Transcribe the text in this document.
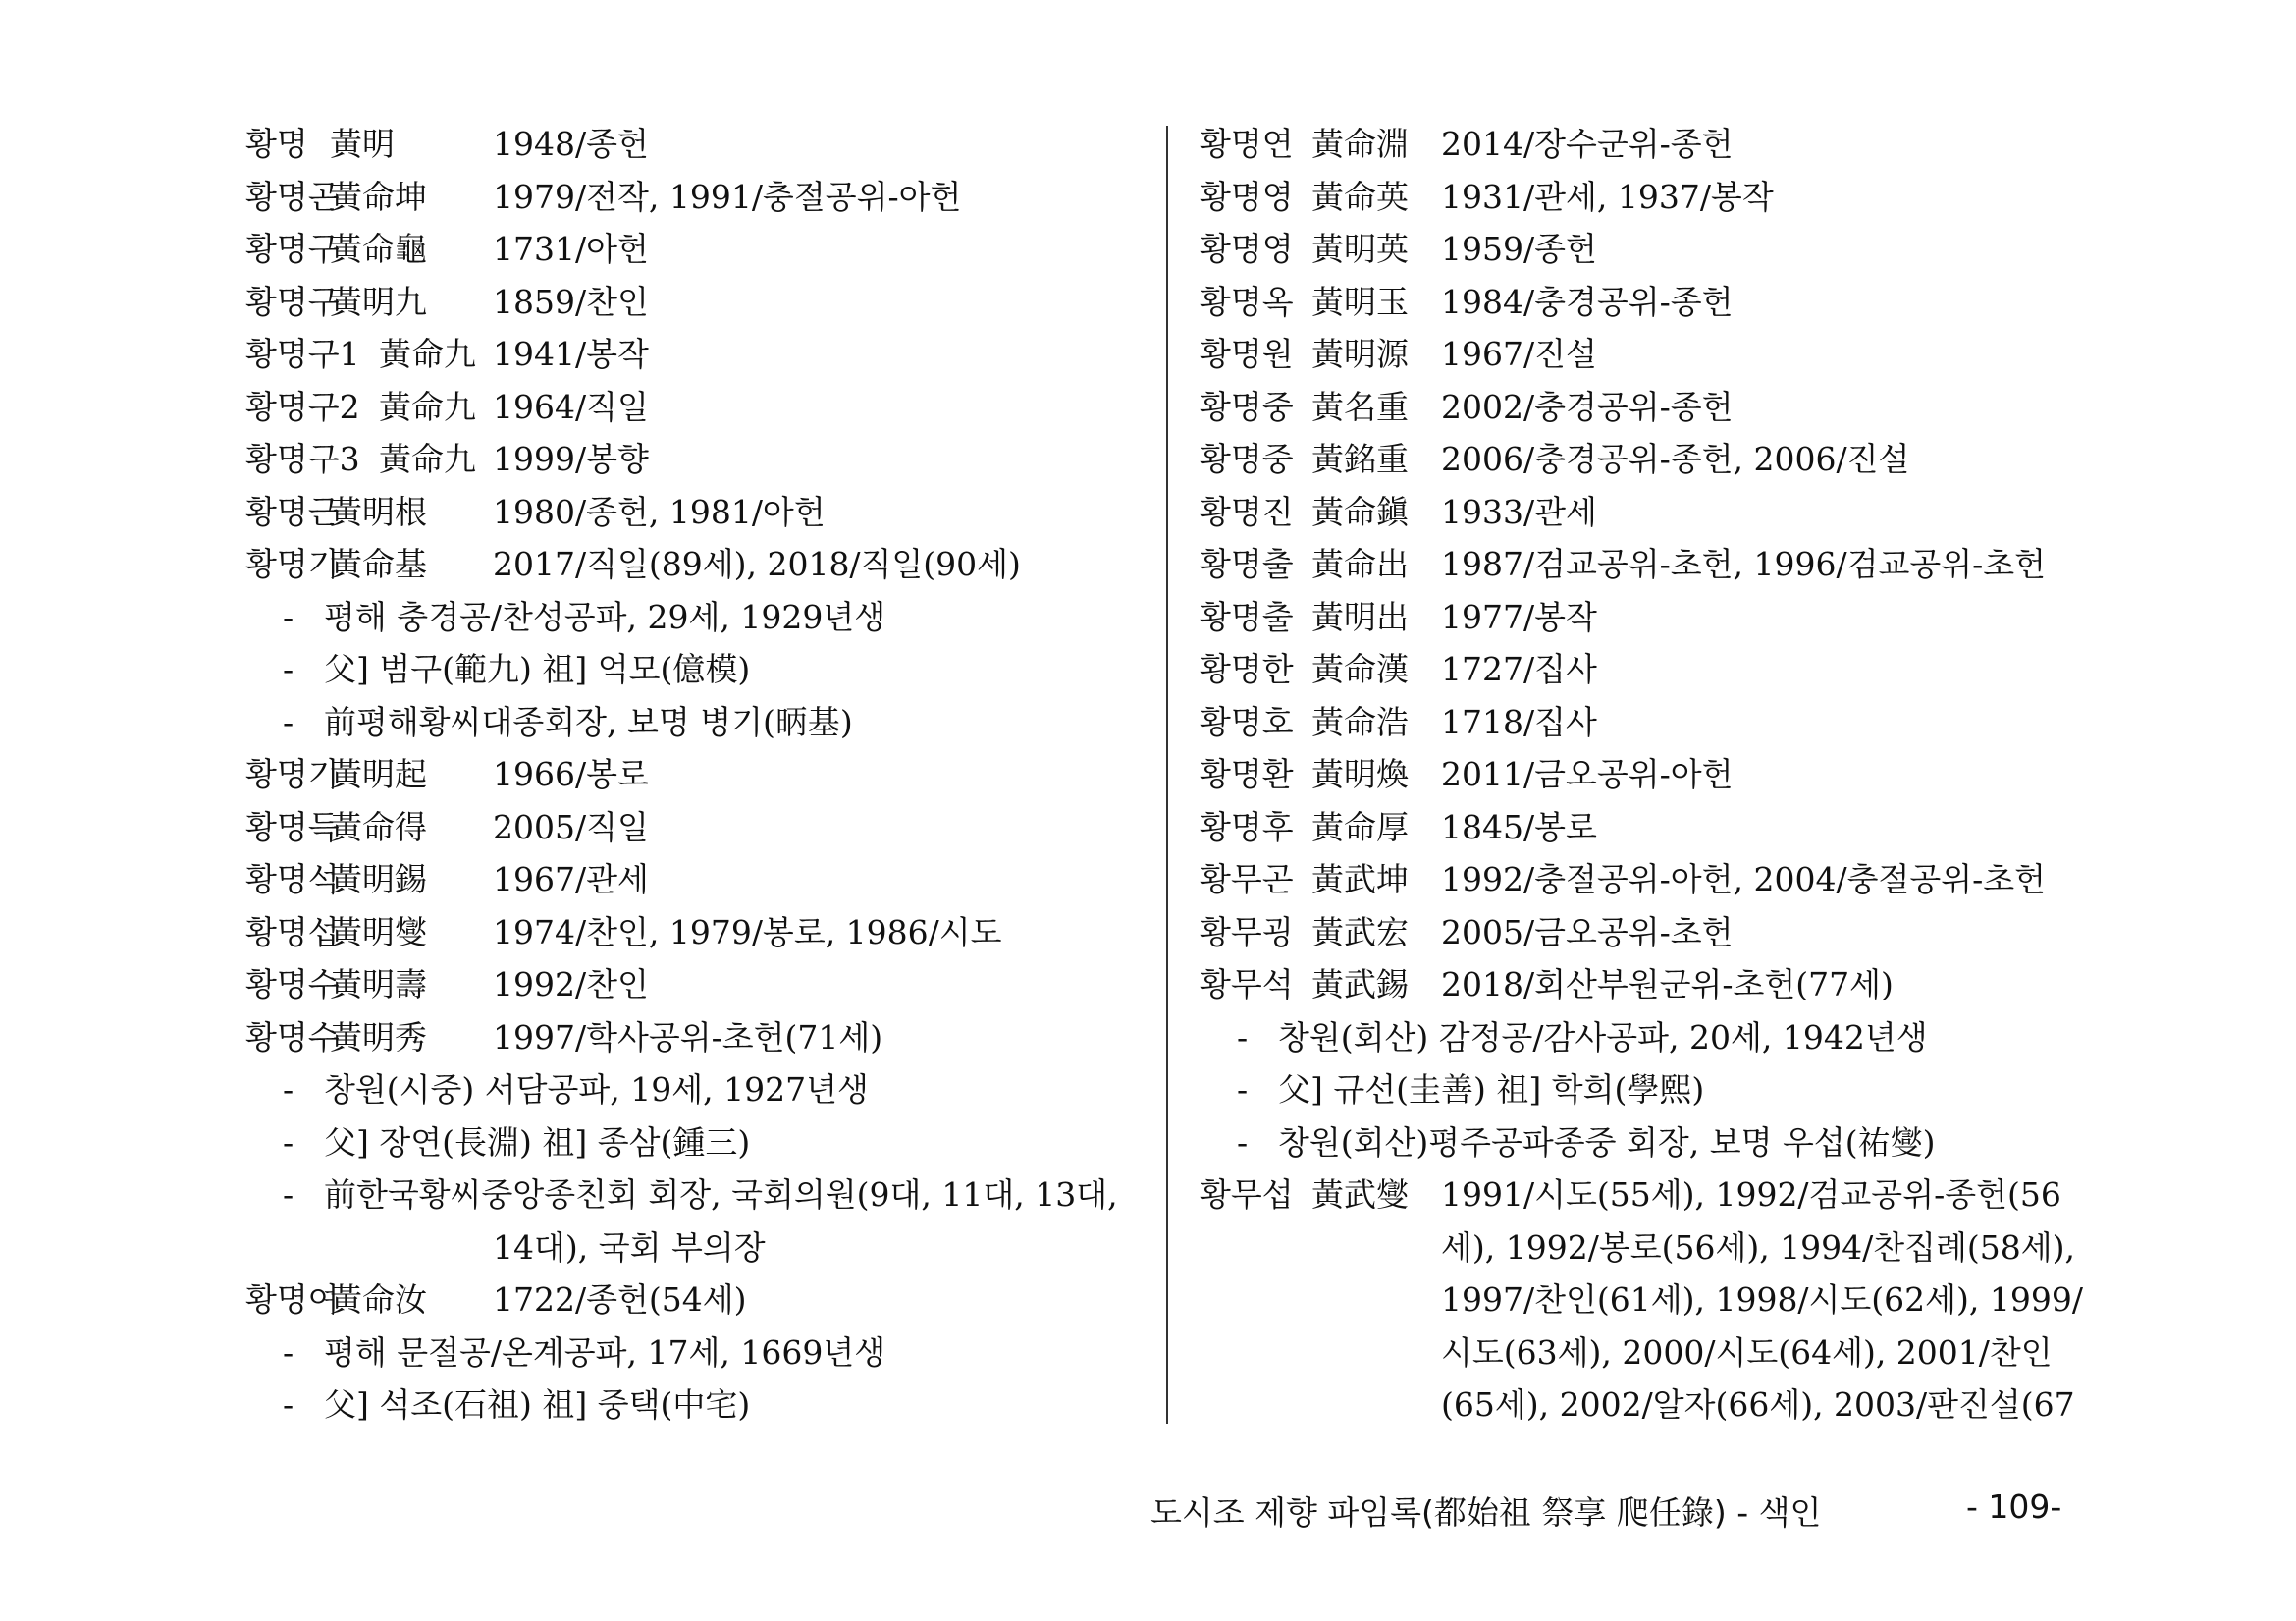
황명 黃明	1948/종헌
황명곤
黃命坤 1979/전작, 1991/충절공위-아헌
황명구
黃命龜 1731/아헌
황명구
黃明九 1859/찬인
황명구1 黃命九 1941/봉작
황명구2 黃命九 1964/직일
황명구3 黃命九 1999/봉향
황명근
黃明根 1980/종헌, 1981/아헌
황명기
黃命基 2017/직일(89세), 2018/직일(90세)
- 평해 충경공/찬성공파, 29세, 1929년생
- 父] 범구(範九) 祖] 억모(億模)
- 前평해황씨대종회장, 보명 병기(昞基)
황명기
黃明起 1966/봉로
황명득
黃命得 2005/직일
황명석
黃明錫 1967/관세
황명섭
黃明燮 1974/찬인, 1979/봉로, 1986/시도
황명수
黃明壽 1992/찬인
황명수
黃明秀 1997/학사공위-초헌(71세)
- 창원(시중) 서담공파, 19세, 1927년생
- 父] 장연(長淵) 祖] 종삼(鍾三)
- 前한국황씨중앙종친회 회장, 국회의원(9대, 11대, 13대,
14대), 국회 부의장
황명여
黃命汝 1722/종헌(54세)
- 평해 문절공/온계공파, 17세, 1669년생
- 父] 석조(石祖) 祖] 중택(中宅)
황명연 黃命淵 2014/장수군위-종헌
황명영 黃命英 1931/관세, 1937/봉작
황명영 黃明英 1959/종헌
황명옥 黃明玉 1984/충경공위-종헌
황명원 黃明源 1967/진설
황명중 黃名重 2002/충경공위-종헌
황명중 黃銘重 2006/충경공위-종헌, 2006/진설
황명진 黃命鎭 1933/관세
황명출 黃命出 1987/검교공위-초헌, 1996/검교공위-초헌
황명출 黃明出 1977/봉작
황명한 黃命漢 1727/집사
황명호 黃命浩 1718/집사
황명환 黃明煥 2011/금오공위-아헌
황명후 黃命厚 1845/봉로
황무곤 黃武坤 1992/충절공위-아헌, 2004/충절공위-초헌
황무굉 黃武宏 2005/금오공위-초헌
황무석 黃武錫 2018/회산부원군위-초헌(77세)
- 창원(회산) 감정공/감사공파, 20세, 1942년생
- 父] 규선(圭善) 祖] 학희(學熙)
- 창원(회산)평주공파종중 회장, 보명 우섭(祐燮)
황무섭 黃武燮 1991/시도(55세), 1992/검교공위-종헌(56
세), 1992/봉로(56세), 1994/찬집례(58세),
1997/찬인(61세), 1998/시도(62세), 1999/
시도(63세), 2000/시도(64세), 2001/찬인
(65세), 2002/알자(66세), 2003/판진설(67
도시조 제향 파임록(都始祖 祭享 爬任錄) - 색인	- 109-
